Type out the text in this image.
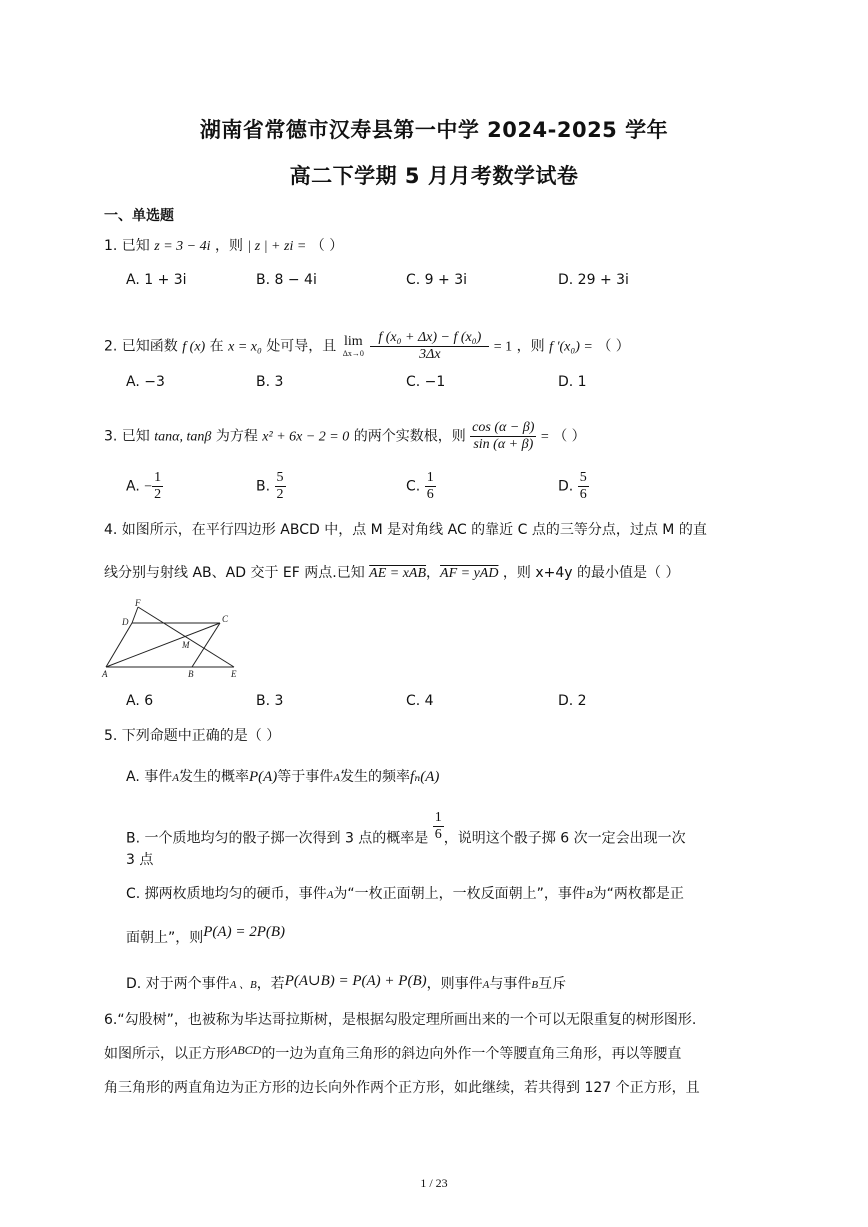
湖南省常德市汉寿县第一中学 2024-2025 学年
高二下学期 5 月月考数学试卷
一、单选题
1. 已知 z = 3 − 4i ，则 | z | + zi = （ ）
A. 1 + 3i	B. 8 − 4i	C. 9 + 3i	D. 29 + 3i
2. 已知函数 f (x) 在 x = x₀ 处可导，且 lim
Δx→0
$\frac{\text{f (x₀ + Δx) − f (x₀)}}{3\Delta x} = 1$ ，则 f ′(x₀) = （ ）
A. −3	B. 3	C. −1	D. 1
3. 已知 tanα, tanβ 为方程 x² + 6x − 2 = 0 的两个实数根，则 $\frac{\cos (\alpha - \beta)}{\sin (\alpha + \beta)}$ = （ ）
A. − $\frac{1}{2}$	B. $\frac{5}{2}$	C. $\frac{1}{6}$	D. $\frac{5}{6}$
4. 如图所示，在平行四边形 ABCD 中，点 M 是对角线 AC 的靠近 C 点的三等分点，过点 M 的直
线分别与射线 AB、AD 交于 EF 两点.已知 AE = xAB，AF = yAD ，则 x+4y 的最小值是（ ）
F
D	C
M
A	B	E
A. 6	B. 3	C. 4	D. 2
5. 下列命题中正确的是（ ）
A. 事件A发生的概率P(A)等于事件A发生的频率fₙ(A)
B. 一个质地均匀的骰子掷一次得到 3 点的概率是 $\frac{1}{6}$ ，说明这个骰子掷 6 次一定会出现一次
3 点
C. 掷两枚质地均匀的硬币，事件A为“一枚正面朝上，一枚反面朝上”，事件B为“两枚都是正
面朝上”，则P(A) = 2P(B)
D. 对于两个事件A 、B，若P(A∪B) = P(A) + P(B)，则事件A与事件B互斥
6.“勾股树”，也被称为毕达哥拉斯树，是根据勾股定理所画出来的一个可以无限重复的树形图形.
如图所示，以正方形ABCD的一边为直角三角形的斜边向外作一个等腰直角三角形，再以等腰直
角三角形的两直角边为正方形的边长向外作两个正方形，如此继续，若共得到 127 个正方形，且
1 / 23
